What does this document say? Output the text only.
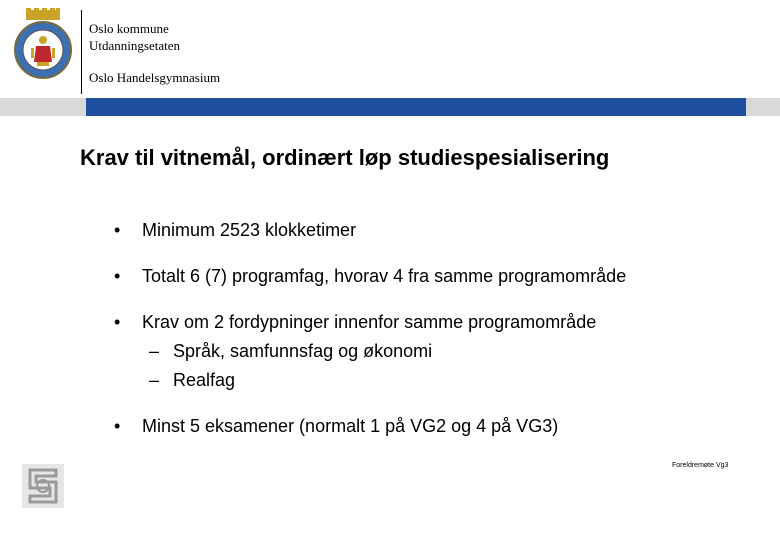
Oslo kommune
Utdanningsetaten
Oslo Handelsgymnasium
Krav til vitnemål, ordinært løp studiespesialisering
• Minimum 2523 klokketimer
• Totalt 6 (7) programfag, hvorav 4 fra samme programområde
• Krav om 2 fordypninger innenfor samme programområde
– Språk, samfunnsfag og økonomi
– Realfag
• Minst 5 eksamener (normalt 1 på VG2 og 4 på VG3)
Foreldremøte Vg3
